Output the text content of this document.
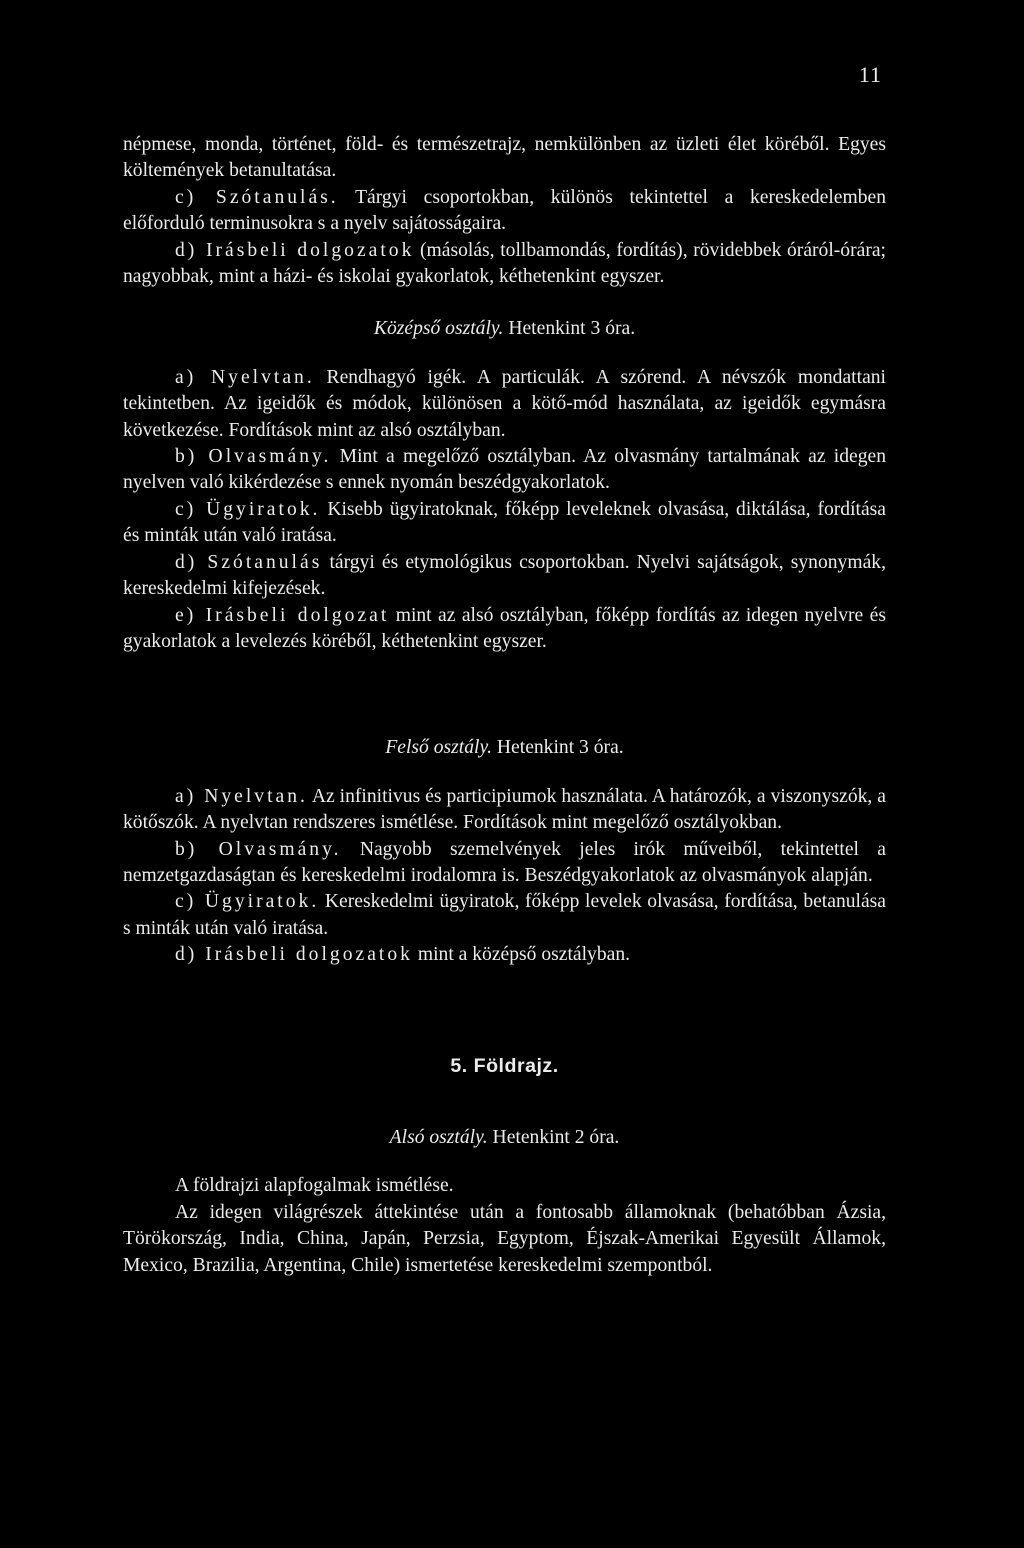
11

népmese, monda, történet, föld- és természetrajz, nemkülönben az üzleti élet köréből. Egyes költemények betanultatása.

c) Szótanulás. Tárgyi csoportokban, különös tekintettel a kereskedelemben előforduló terminusokra s a nyelv sajátosságaira.

d) Irásbeli dolgozatok (másolás, tollbamondás, fordítás), rövidebbek óráról-órára; nagyobbak, mint a házi- és iskolai gyakorlatok, kéthetenkint egyszer.

Középső osztály. Hetenkint 3 óra.

a) Nyelvtan. Rendhagyó igék. A particulák. A szórend. A névszók mondattani tekintetben. Az igeidők és módok, különösen a kötő-mód használata, az igeidők egymásra következése. Fordítások mint az alsó osztályban.

b) Olvasmány. Mint a megelőző osztályban. Az olvasmány tartalmának az idegen nyelven való kikérdezése s ennek nyomán beszédgyakorlatok.

c) Ügyiratok. Kisebb ügyiratoknak, főképp leveleknek olvasása, diktálása, fordítása és minták után való iratása.

d) Szótanulás tárgyi és etymológikus csoportokban. Nyelvi sajátságok, synonymák, kereskedelmi kifejezések.

e) Irásbeli dolgozat mint az alsó osztályban, főképp fordítás az idegen nyelvre és gyakorlatok a levelezés köréből, kéthetenkint egyszer.

Felső osztály. Hetenkint 3 óra.

a) Nyelvtan. Az infinitivus és participiumok használata. A határozók, a viszonyszók, a kötőszók. A nyelvtan rendszeres ismétlése. Fordítások mint megelőző osztályokban.

b) Olvasmány. Nagyobb szemelvények jeles irók műveiből, tekintettel a nemzetgazdaságtan és kereskedelmi irodalomra is. Beszédgyakorlatok az olvasmányok alapján.

c) Ügyiratok. Kereskedelmi ügyiratok, főképp levelek olvasása, fordítása, betanulása s minták után való iratása.

d) Irásbeli dolgozatok mint a középső osztályban.

5. Földrajz.

Alsó osztály. Hetenkint 2 óra.

A földrajzi alapfogalmak ismétlése.

Az idegen világrészek áttekintése után a fontosabb államoknak (behatóbban Ázsia, Törökország, India, China, Japán, Perzsia, Egyptom, Éjszak-Amerikai Egyesült Államok, Mexico, Brazilia, Argentina, Chile) ismertetése kereskedelmi szempontból.
